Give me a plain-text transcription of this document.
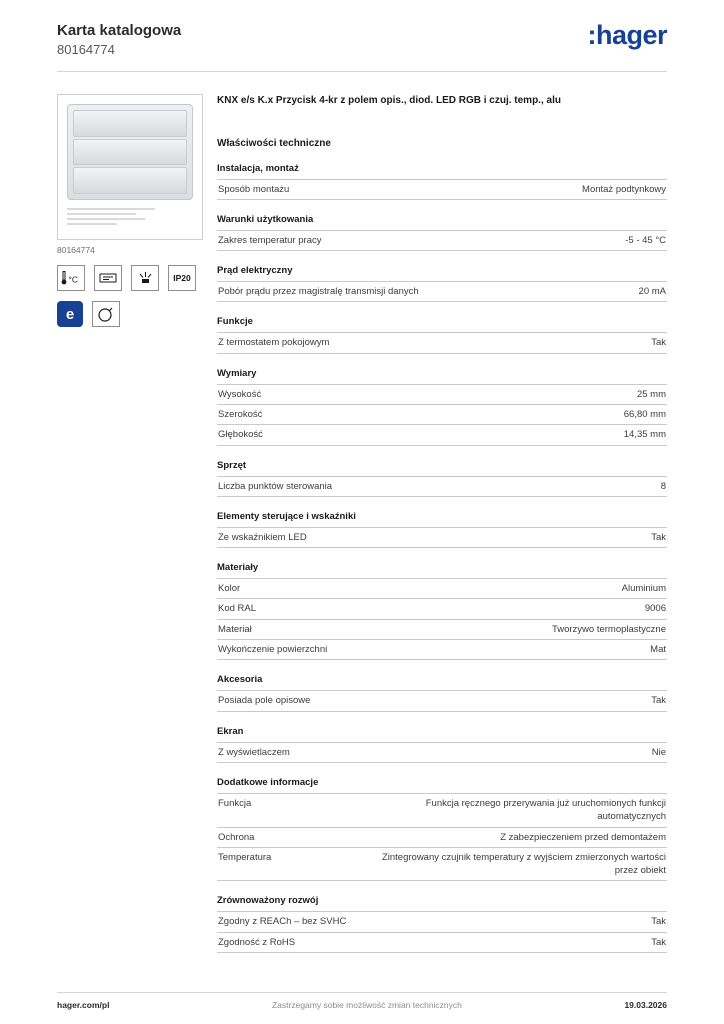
Karta katalogowa
80164774	:hager
80164774
°C	IP20
e
KNX e/s K.x Przycisk 4-kr z polem opis., diod. LED RGB i czuj. temp., alu
Właściwości techniczne
Instalacja, montaż
Sposób montażu	Montaż podtynkowy
Warunki użytkowania
Zakres temperatur pracy	-5 - 45 °C
Prąd elektryczny
Pobór prądu przez magistralę transmisji danych	20 mA
Funkcje
Z termostatem pokojowym	Tak
Wymiary
Wysokość	25 mm
Szerokość	66,80 mm
Głębokość	14,35 mm
Sprzęt
Liczba punktów sterowania	8
Elementy sterujące i wskaźniki
Ze wskaźnikiem LED	Tak
Materiały
Kolor	Aluminium
Kod RAL	9006
Materiał	Tworzywo termoplastyczne
Wykończenie powierzchni	Mat
Akcesoria
Posiada pole opisowe	Tak
Ekran
Z wyświetlaczem	Nie
Dodatkowe informacje
Funkcja	Funkcja ręcznego przerywania już uruchomionych funkcji automatycznych
Ochrona	Z zabezpieczeniem przed demontażem
Temperatura	Zintegrowany czujnik temperatury z wyjściem zmierzonych wartości przez obiekt
Zrównoważony rozwój
Zgodny z REACh – bez SVHC	Tak
Zgodność z RoHS	Tak
hager.com/pl	Zastrzegamy sobie możliwość zmian technicznych	19.03.2026
